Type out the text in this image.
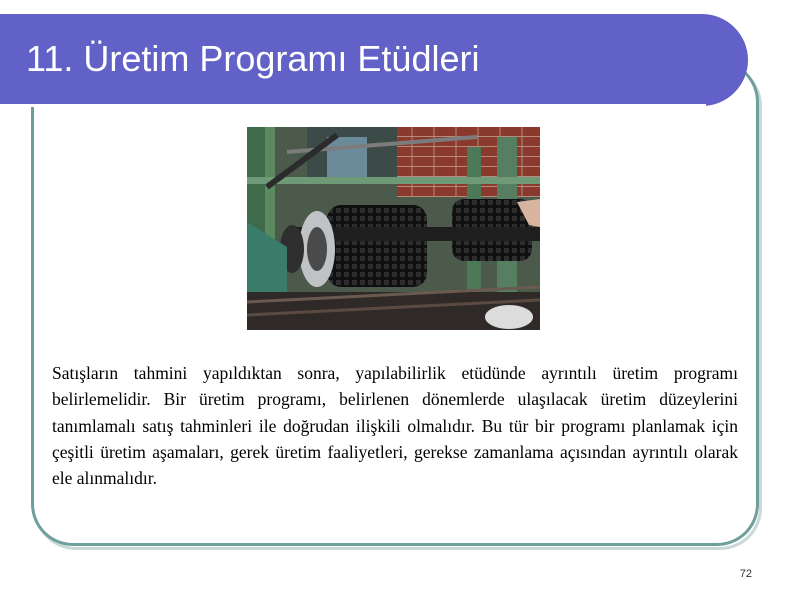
11. Üretim Programı Etüdleri

Satışların tahmini yapıldıktan sonra, yapılabilirlik etüdünde ayrıntılı üretim programı belirlemelidir. Bir üretim programı, belirlenen dönemlerde ulaşılacak üretim düzeylerini tanımlamalı satış tahminleri ile doğrudan ilişkili olmalıdır. Bu tür bir programı planlamak için çeşitli üretim aşamaları, gerek üretim faaliyetleri, gerekse zamanlama açısından ayrıntılı olarak ele alınmalıdır.

72
